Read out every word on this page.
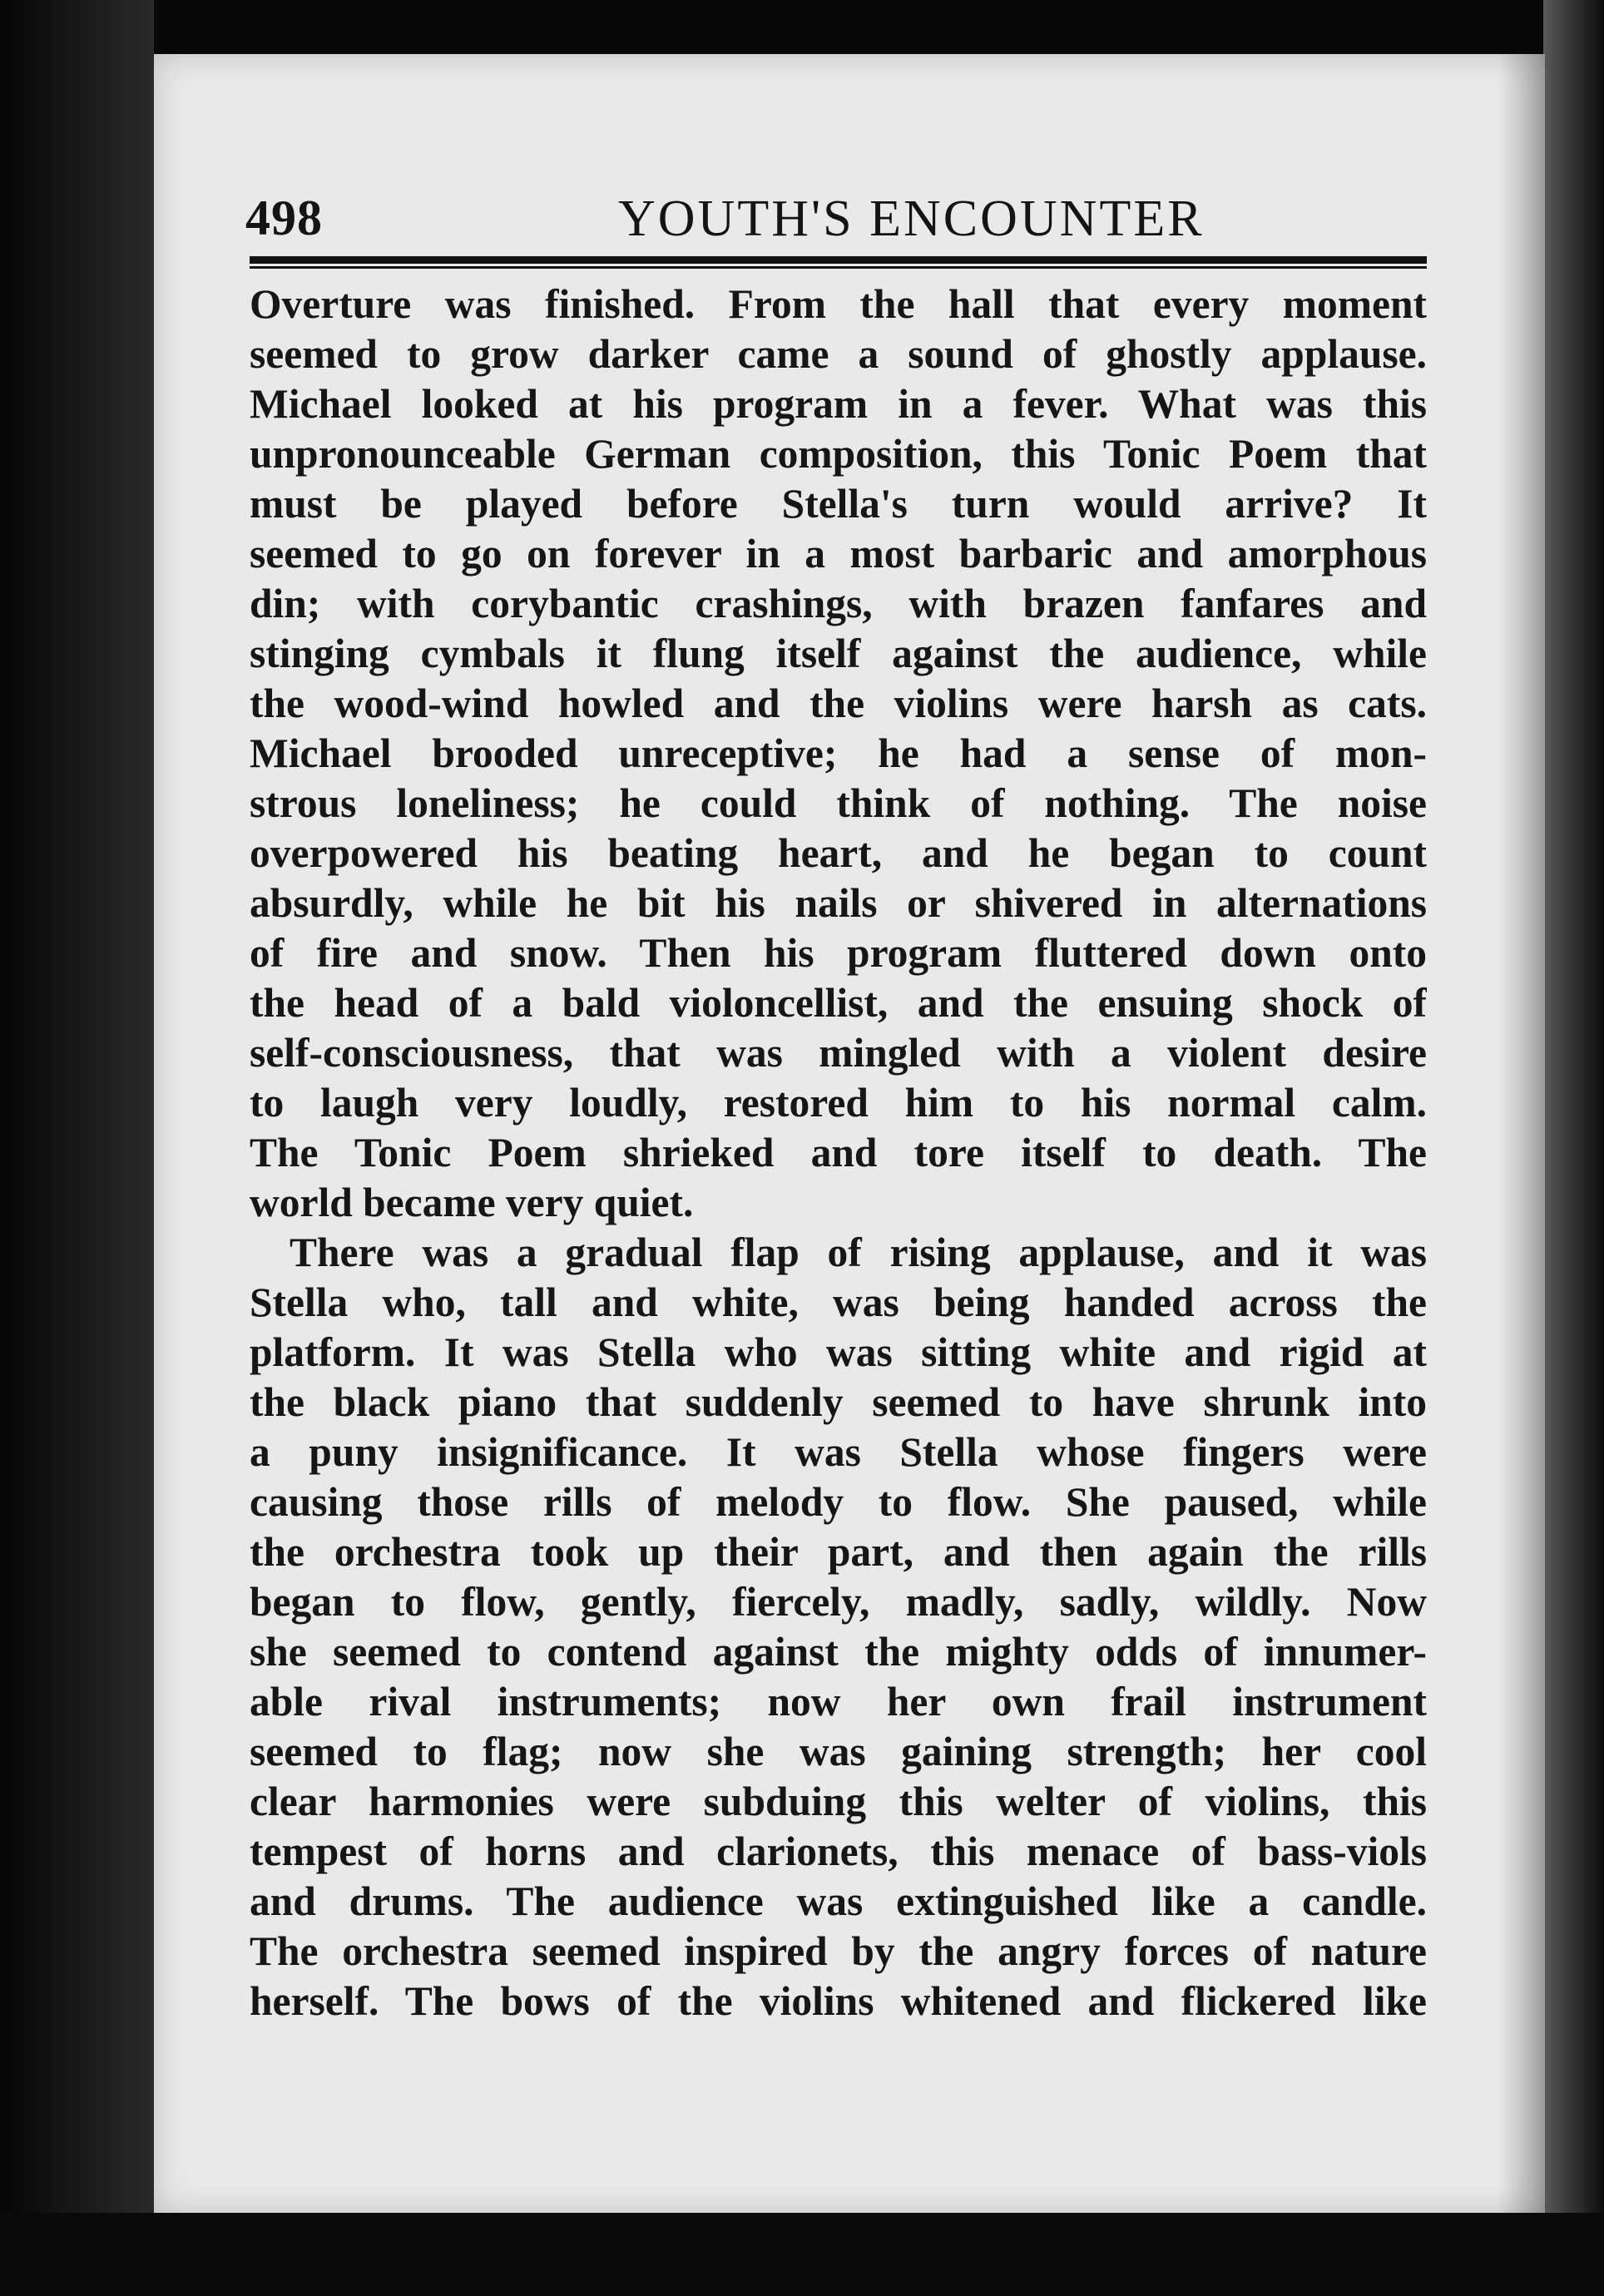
498	YOUTH'S ENCOUNTER
Overture was finished. From the hall that every moment
seemed to grow darker came a sound of ghostly applause.
Michael looked at his program in a fever. What was this
unpronounceable German composition, this Tonic Poem that
must be played before Stella's turn would arrive? It
seemed to go on forever in a most barbaric and amorphous
din; with corybantic crashings, with brazen fanfares and
stinging cymbals it flung itself against the audience, while
the wood-wind howled and the violins were harsh as cats.
Michael brooded unreceptive; he had a sense of mon-
strous loneliness; he could think of nothing. The noise
overpowered his beating heart, and he began to count
absurdly, while he bit his nails or shivered in alternations
of fire and snow. Then his program fluttered down onto
the head of a bald violoncellist, and the ensuing shock of
self-consciousness, that was mingled with a violent desire
to laugh very loudly, restored him to his normal calm.
The Tonic Poem shrieked and tore itself to death. The
world became very quiet.
There was a gradual flap of rising applause, and it was
Stella who, tall and white, was being handed across the
platform. It was Stella who was sitting white and rigid at
the black piano that suddenly seemed to have shrunk into
a puny insignificance. It was Stella whose fingers were
causing those rills of melody to flow. She paused, while
the orchestra took up their part, and then again the rills
began to flow, gently, fiercely, madly, sadly, wildly. Now
she seemed to contend against the mighty odds of innumer-
able rival instruments; now her own frail instrument
seemed to flag; now she was gaining strength; her cool
clear harmonies were subduing this welter of violins, this
tempest of horns and clarionets, this menace of bass-viols
and drums. The audience was extinguished like a candle.
The orchestra seemed inspired by the angry forces of nature
herself. The bows of the violins whitened and flickered like
